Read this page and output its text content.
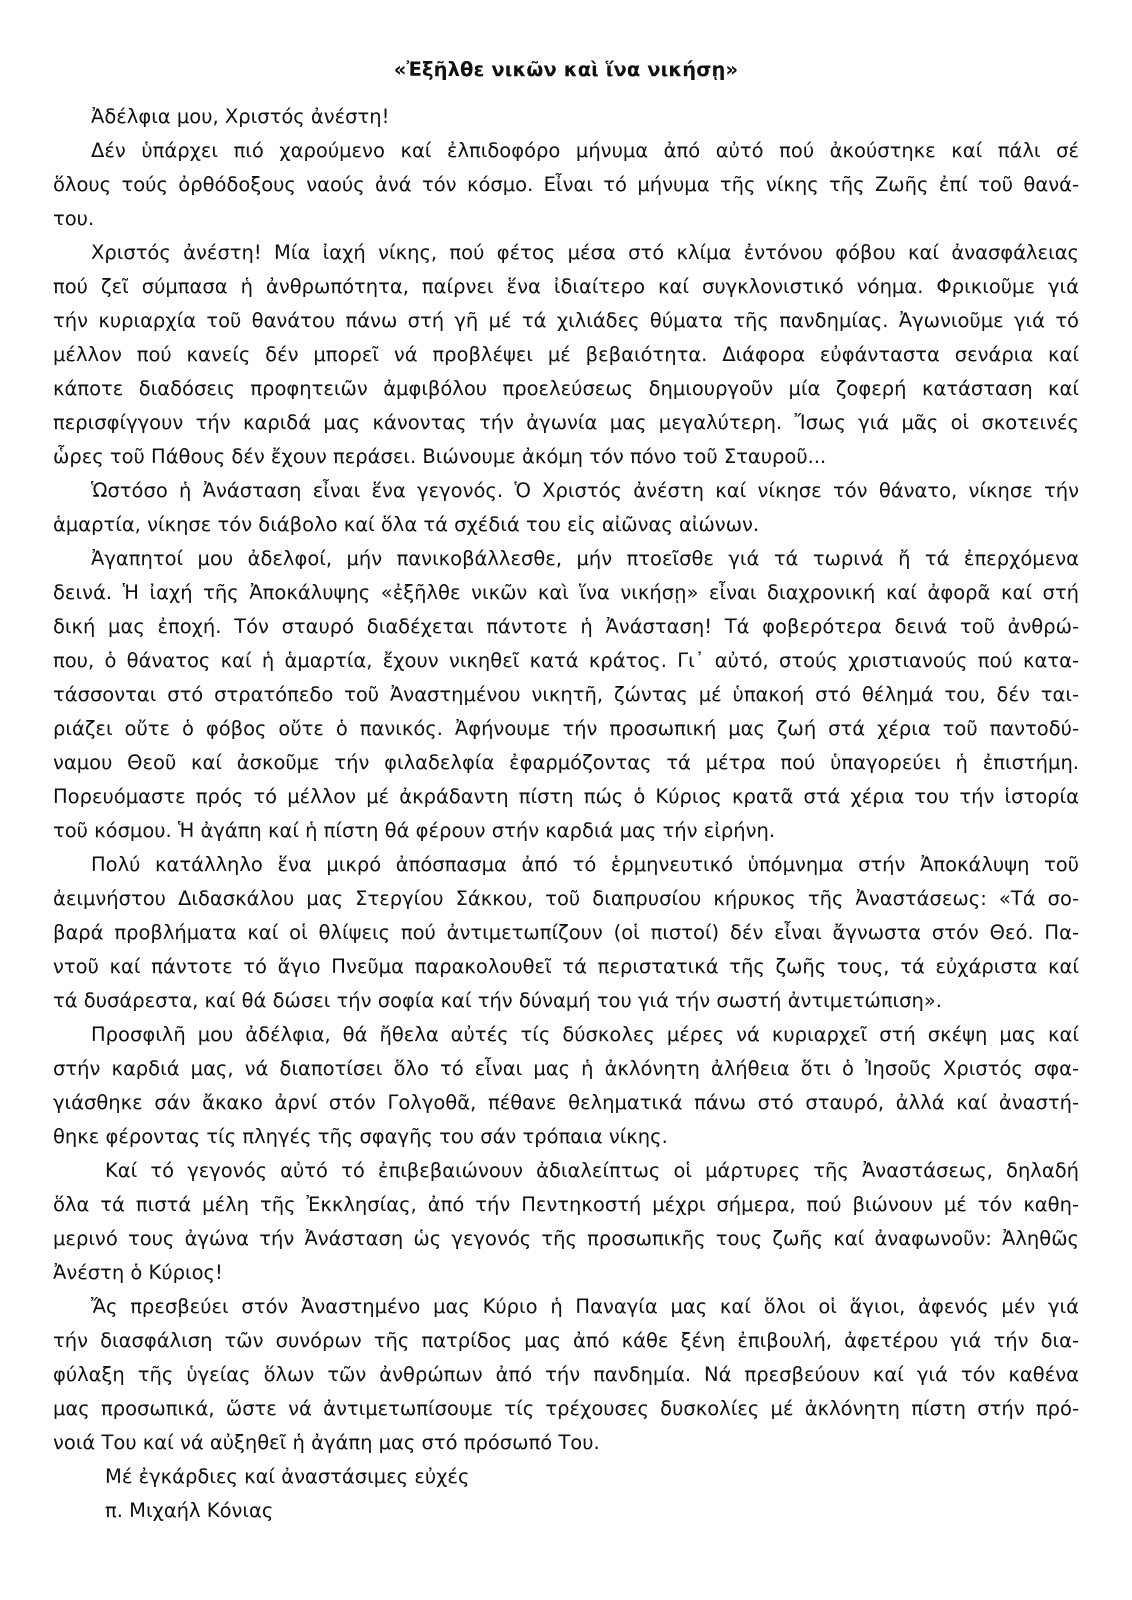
«Ἐξῆλθε νικῶν καὶ ἵνα νικήσῃ»
Ἀδέλφια μου, Χριστός ἀνέστη!
Δέν ὑπάρχει πιό χαρούμενο καί ἐλπιδοφόρο μήνυμα ἀπό αὐτό πού ἀκούστηκε καί πάλι σέ
ὅλους τούς ὀρθόδοξους ναούς ἀνά τόν κόσμο. Εἶναι τό μήνυμα τῆς νίκης τῆς Ζωῆς ἐπί τοῦ θανά-
του.
Χριστός ἀνέστη! Μία ἰαχή νίκης, πού φέτος μέσα στό κλίμα ἐντόνου φόβου καί ἀνασφάλειας
πού ζεῖ σύμπασα ἡ ἀνθρωπότητα, παίρνει ἕνα ἰδιαίτερο καί συγκλονιστικό νόημα. Φρικιοῦμε γιά
τήν κυριαρχία τοῦ θανάτου πάνω στή γῆ μέ τά χιλιάδες θύματα τῆς πανδημίας. Ἀγωνιοῦμε γιά τό
μέλλον πού κανείς δέν μπορεῖ νά προβλέψει μέ βεβαιότητα. Διάφορα εὐφάνταστα σενάρια καί
κάποτε διαδόσεις προφητειῶν ἀμφιβόλου προελεύσεως δημιουργοῦν μία ζοφερή κατάσταση καί
περισφίγγουν τήν καριδά μας κάνοντας τήν ἀγωνία μας μεγαλύτερη. Ἴσως γιά μᾶς οἱ σκοτεινές
ὧρες τοῦ Πάθους δέν ἔχουν περάσει. Βιώνουμε ἀκόμη τόν πόνο τοῦ Σταυροῦ...
Ὡστόσο ἡ Ἀνάσταση εἶναι ἕνα γεγονός. Ὁ Χριστός ἀνέστη καί νίκησε τόν θάνατο, νίκησε τήν
ἁμαρτία, νίκησε τόν διάβολο καί ὅλα τά σχέδιά του εἰς αἰῶνας αἰώνων.
Ἀγαπητοί μου ἀδελφοί, μήν πανικοβάλλεσθε, μήν πτοεῖσθε γιά τά τωρινά ἤ τά ἐπερχόμενα
δεινά. Ἡ ἰαχή τῆς Ἀποκάλυψης «ἐξῆλθε νικῶν καὶ ἵνα νικήσῃ» εἶναι διαχρονική καί ἀφορᾶ καί στή
δική μας ἐποχή. Τόν σταυρό διαδέχεται πάντοτε ἡ Ἀνάσταση! Τά φοβερότερα δεινά τοῦ ἀνθρώ-
που, ὁ θάνατος καί ἡ ἁμαρτία, ἔχουν νικηθεῖ κατά κράτος. Γι᾽ αὐτό, στούς χριστιανούς πού κατα-
τάσσονται στό στρατόπεδο τοῦ Ἀναστημένου νικητῆ, ζώντας μέ ὑπακοή στό θέλημά του, δέν ται-
ριάζει οὔτε ὁ φόβος οὔτε ὁ πανικός. Ἀφήνουμε τήν προσωπική μας ζωή στά χέρια τοῦ παντοδύ-
ναμου Θεοῦ καί ἀσκοῦμε τήν φιλαδελφία ἐφαρμόζοντας τά μέτρα πού ὑπαγορεύει ἡ ἐπιστήμη.
Πορευόμαστε πρός τό μέλλον μέ ἀκράδαντη πίστη πώς ὁ Κύριος κρατᾶ στά χέρια του τήν ἱστορία
τοῦ κόσμου. Ἡ ἀγάπη καί ἡ πίστη θά φέρουν στήν καρδιά μας τήν εἰρήνη.
Πολύ κατάλληλο ἕνα μικρό ἀπόσπασμα ἀπό τό ἑρμηνευτικό ὑπόμνημα στήν Ἀποκάλυψη τοῦ
ἀειμνήστου Διδασκάλου μας Στεργίου Σάκκου, τοῦ διαπρυσίου κήρυκος τῆς Ἀναστάσεως: «Τά σο-
βαρά προβλήματα καί οἱ θλίψεις πού ἀντιμετωπίζουν (οἱ πιστοί) δέν εἶναι ἄγνωστα στόν Θεό. Πα-
ντοῦ καί πάντοτε τό ἅγιο Πνεῦμα παρακολουθεῖ τά περιστατικά τῆς ζωῆς τους, τά εὐχάριστα καί
τά δυσάρεστα, καί θά δώσει τήν σοφία καί τήν δύναμή του γιά τήν σωστή ἀντιμετώπιση».
Προσφιλῆ μου ἀδέλφια, θά ἤθελα αὐτές τίς δύσκολες μέρες νά κυριαρχεῖ στή σκέψη μας καί
στήν καρδιά μας, νά διαποτίσει ὅλο τό εἶναι μας ἡ ἀκλόνητη ἀλήθεια ὅτι ὁ Ἰησοῦς Χριστός σφα-
γιάσθηκε σάν ἄκακο ἀρνί στόν Γολγοθᾶ, πέθανε θεληματικά πάνω στό σταυρό, ἀλλά καί ἀναστή-
θηκε φέροντας τίς πληγές τῆς σφαγῆς του σάν τρόπαια νίκης.
Καί τό γεγονός αὐτό τό ἐπιβεβαιώνουν ἀδιαλείπτως οἱ μάρτυρες τῆς Ἀναστάσεως, δηλαδή
ὅλα τά πιστά μέλη τῆς Ἐκκλησίας, ἀπό τήν Πεντηκοστή μέχρι σήμερα, πού βιώνουν μέ τόν καθη-
μερινό τους ἀγώνα τήν Ἀνάσταση ὡς γεγονός τῆς προσωπικῆς τους ζωῆς καί ἀναφωνοῦν: Ἀληθῶς
Ἀνέστη ὁ Κύριος!
Ἄς πρεσβεύει στόν Ἀναστημένο μας Κύριο ἡ Παναγία μας καί ὅλοι οἱ ἅγιοι, ἀφενός μέν γιά
τήν διασφάλιση τῶν συνόρων τῆς πατρίδος μας ἀπό κάθε ξένη ἐπιβουλή, ἀφετέρου γιά τήν δια-
φύλαξη τῆς ὑγείας ὅλων τῶν ἀνθρώπων ἀπό τήν πανδημία. Νά πρεσβεύουν καί γιά τόν καθένα
μας προσωπικά, ὥστε νά ἀντιμετωπίσουμε τίς τρέχουσες δυσκολίες μέ ἀκλόνητη πίστη στήν πρό-
νοιά Του καί νά αὐξηθεῖ ἡ ἀγάπη μας στό πρόσωπό Του.
Μέ ἐγκάρδιες καί ἀναστάσιμες εὐχές
π. Μιχαήλ Κόνιας
